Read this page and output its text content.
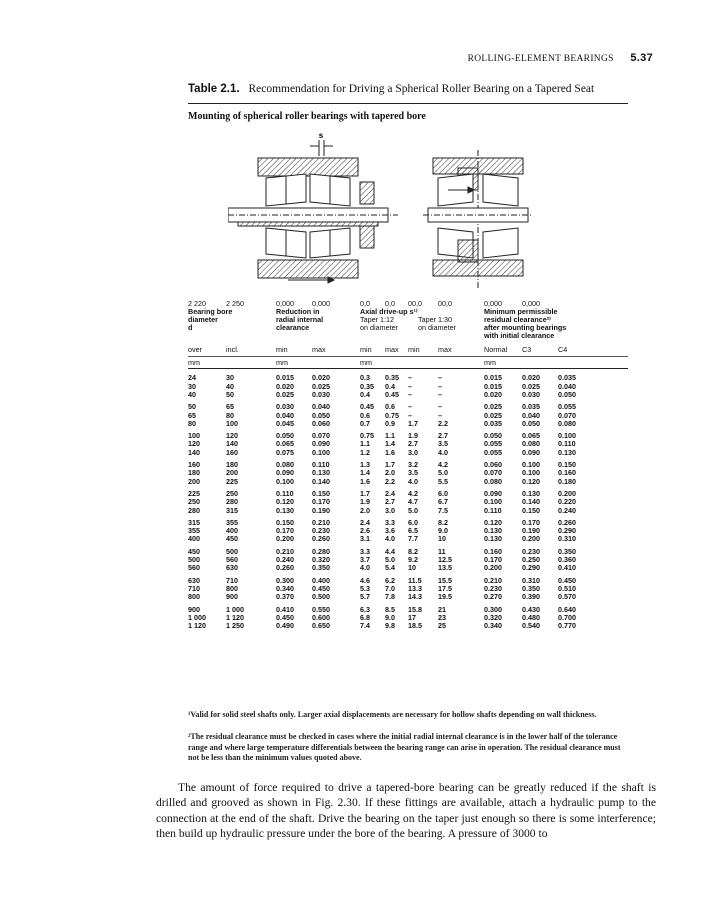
ROLLING-ELEMENT BEARINGS 5.37
Table 2.1. Recommendation for Driving a Spherical Roller Bearing on a Tapered Seat
Mounting of spherical roller bearings with tapered bore
s
2 220	2 250	0,000	0,000	0,0 0,0 00,0 00,0	0,000	0,000
Bearing bore
diameter
d
Reduction in
radial internal
clearance
Axial drive-up s¹⁾
Taper 1:12
on diameter
Taper 1:30
on diameter
Minimum permissible
residual clearance²⁾
after mounting bearings
with initial clearance
over	incl.	min	max	min max min	max	Normal C3	C4
mm	mm	mm	mm
24	30	0.015	0.020	0.3 0.35 –	–	0.015	0.020	0.035
30	40	0.020	0.025	0.35 0.4 –	–	0.015	0.025	0.040
40	50	0.025	0.030	0.4 0.45 –	–	0.020	0.030	0.050
50	65	0.030	0.040	0.45 0.6 –	–	0.025	0.035	0.055
65	80	0.040	0.050	0.6 0.75 –	–	0.025	0.040	0.070
80	100	0.045	0.060	0.7 0.9 1.7	2.2	0.035	0.050	0.080
100	120	0.050	0.070	0.75 1.1 1.9	2.7	0.050	0.065	0.100
120	140	0.065	0.090	1.1 1.4 2.7	3.5	0.055	0.080	0.110
140	160	0.075	0.100	1.2 1.6 3.0	4.0	0.055	0.090	0.130
160	180	0.080	0.110	1.3 1.7 3.2	4.2	0.060	0.100	0.150
180	200	0.090	0.130	1.4 2.0 3.5	5.0	0.070	0.100	0.160
200	225	0.100	0.140	1.6 2.2 4.0	5.5	0.080	0.120	0.180
225	250	0.110	0.150	1.7 2.4 4.2	6.0	0.090	0.130	0.200
250	280	0.120	0.170	1.9 2.7 4.7	6.7	0.100	0.140	0.220
280	315	0.130	0.190	2.0 3.0 5.0	7.5	0.110	0.150	0.240
315	355	0.150	0.210	2.4 3.3 6.0	8.2	0.120	0.170	0.260
355	400	0.170	0.230	2.6 3.6 6.5	9.0	0.130	0.190	0.290
400	450	0.200	0.260	3.1 4.0 7.7	10	0.130	0.200	0.310
450	500	0.210	0.280	3.3 4.4 8.2	11	0.160	0.230	0.350
500	560	0.240	0.320	3.7 5.0 9.2	12.5	0.170	0.250	0.360
560	630	0.260	0.350	4.0 5.4 10	13.5	0.200	0.290	0.410
630	710	0.300	0.400	4.6 6.2 11.5 15.5	0.210	0.310	0.450
710	800	0.340	0.450	5.3 7.0 13.3 17.5	0.230	0.350	0.510
800	900	0.370	0.500	5.7 7.8 14.3 19.5	0.270	0.390	0.570
900	1 000	0.410	0.550	6.3 8.5 15.8 21	0.300	0.430	0.640
1 000	1 120	0.450	0.600	6.8 9.0 17	23	0.320	0.480	0.700
1 120	1 250	0.490	0.650	7.4 9.8 18.5 25	0.340	0.540	0.770
¹Valid for solid steel shafts only. Larger axial displacements are necessary for hollow shafts depending on wall thickness.
²The residual clearance must be checked in cases where the initial radial internal clearance is in the lower half of the tolerance range and where large temperature differentials between the bearing range can arise in operation. The residual clearance must not be less than the minimum values quoted above.

The amount of force required to drive a tapered-bore bearing can be greatly reduced if the shaft is drilled and grooved as shown in Fig. 2.30. If these fittings are available, attach a hydraulic pump to the connection at the end of the shaft. Drive the bearing on the taper just enough so there is some interference; then build up hydraulic pressure under the bore of the bearing. A pressure of 3000 to
